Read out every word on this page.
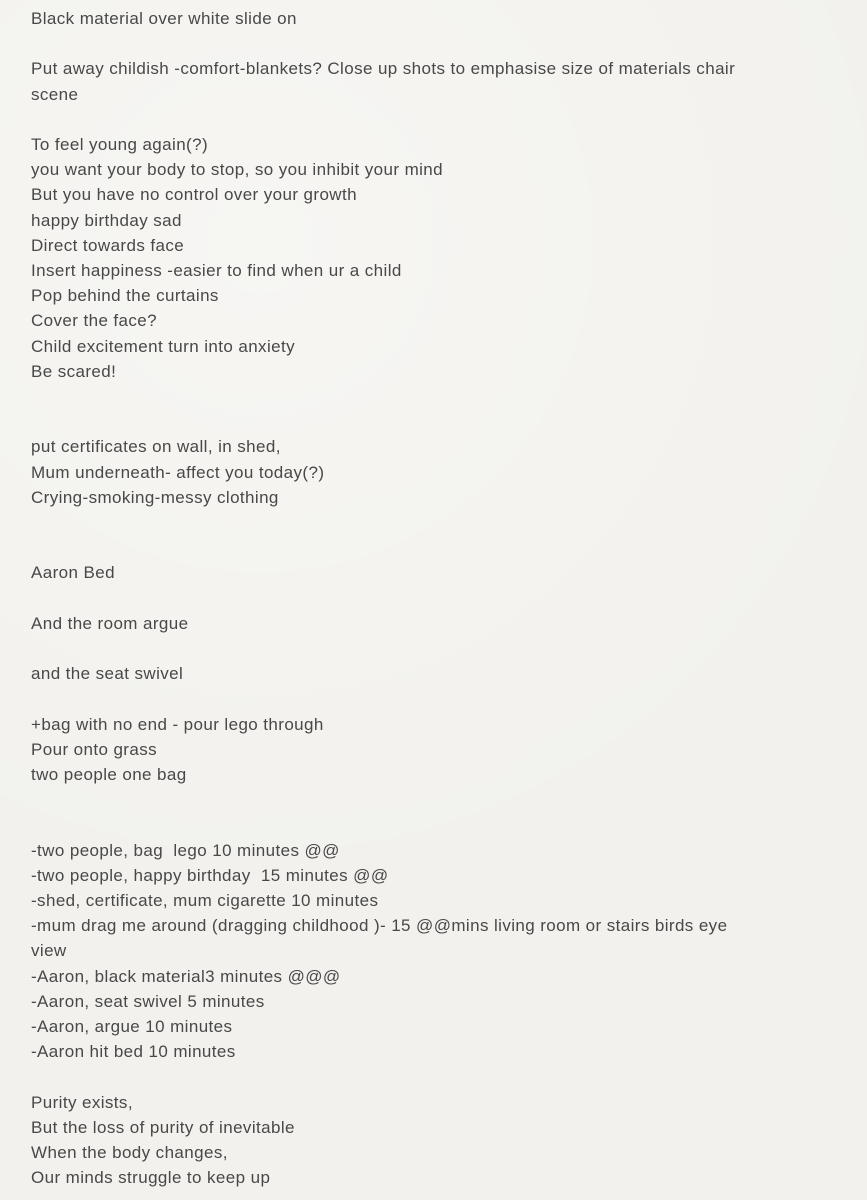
Black material over white slide on
Put away childish -comfort-blankets? Close up shots to emphasise size of materials chair
scene
To feel young again(?)
you want your body to stop, so you inhibit your mind
But you have no control over your growth
happy birthday sad
Direct towards face
Insert happiness -easier to find when ur a child
Pop behind the curtains
Cover the face?
Child excitement turn into anxiety
Be scared!
put certificates on wall, in shed,
Mum underneath- affect you today(?)
Crying-smoking-messy clothing
Aaron Bed
And the room argue
and the seat swivel
+bag with no end - pour lego through
Pour onto grass
two people one bag
-two people, bag  lego 10 minutes @@
-two people, happy birthday  15 minutes @@
-shed, certificate, mum cigarette 10 minutes
-mum drag me around (dragging childhood )- 15 @@mins living room or stairs birds eye
view
-Aaron, black material3 minutes @@@
-Aaron, seat swivel 5 minutes
-Aaron, argue 10 minutes
-Aaron hit bed 10 minutes
Purity exists,
But the loss of purity of inevitable
When the body changes,
Our minds struggle to keep up
